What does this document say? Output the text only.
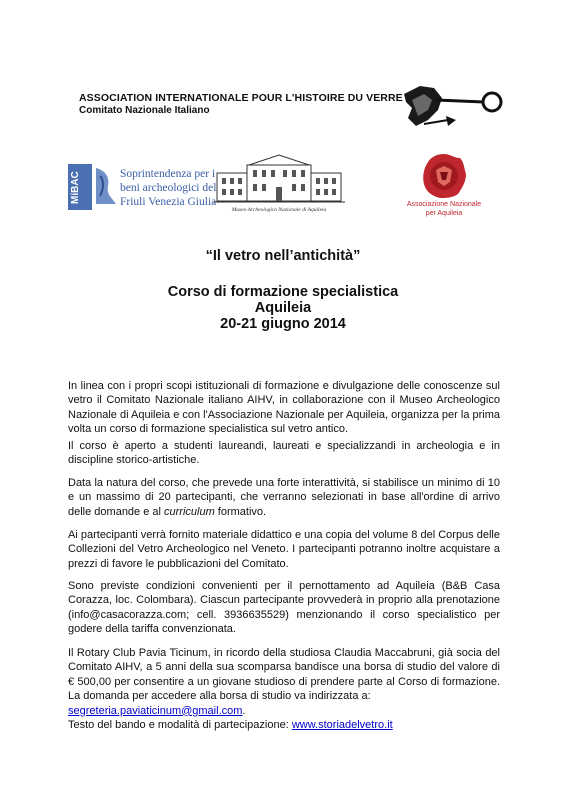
ASSOCIATION INTERNATIONALE POUR L'HISTOIRE DU VERRE
Comitato Nazionale Italiano
MiBAC	Soprintendenza per i
beni archeologici del
Friuli Venezia Giulia
Museo Archeologico Nazionale di Aquileia
Associazione Nazionale
per Aquileia
“Il vetro nell’antichità”
Corso di formazione specialistica
Aquileia
20-21 giugno 2014
In linea con i propri scopi istituzionali di formazione e divulgazione delle conoscenze sul vetro il Comitato Nazionale italiano AIHV, in collaborazione con il Museo Archeologico Nazionale di Aquileia e con l'Associazione Nazionale per Aquileia, organizza per la prima volta un corso di formazione specialistica sul vetro antico.
Il corso è aperto a studenti laureandi, laureati e specializzandi in archeologia e in discipline storico-artistiche.
Data la natura del corso, che prevede una forte interattività, si stabilisce un minimo di 10 e un massimo di 20 partecipanti, che verranno selezionati in base all'ordine di arrivo delle domande e al curriculum formativo.
Ai partecipanti verrà fornito materiale didattico e una copia del volume 8 del Corpus delle Collezioni del Vetro Archeologico nel Veneto. I partecipanti potranno inoltre acquistare a prezzi di favore le pubblicazioni del Comitato.
Sono previste condizioni convenienti per il pernottamento ad Aquileia (B&B Casa Corazza, loc. Colombara). Ciascun partecipante provvederà in proprio alla prenotazione (info@casacorazza.com; cell. 3936635529) menzionando il corso specialistico per godere della tariffa convenzionata.
Il Rotary Club Pavia Ticinum, in ricordo della studiosa Claudia Maccabruni, già socia del Comitato AIHV, a 5 anni della sua scomparsa bandisce una borsa di studio del valore di € 500,00 per consentire a un giovane studioso di prendere parte al Corso di formazione. La domanda per accedere alla borsa di studio va indirizzata a:
segreteria.paviaticinum@gmail.com.
Testo del bando e modalità di partecipazione: www.storiadelvetro.it
